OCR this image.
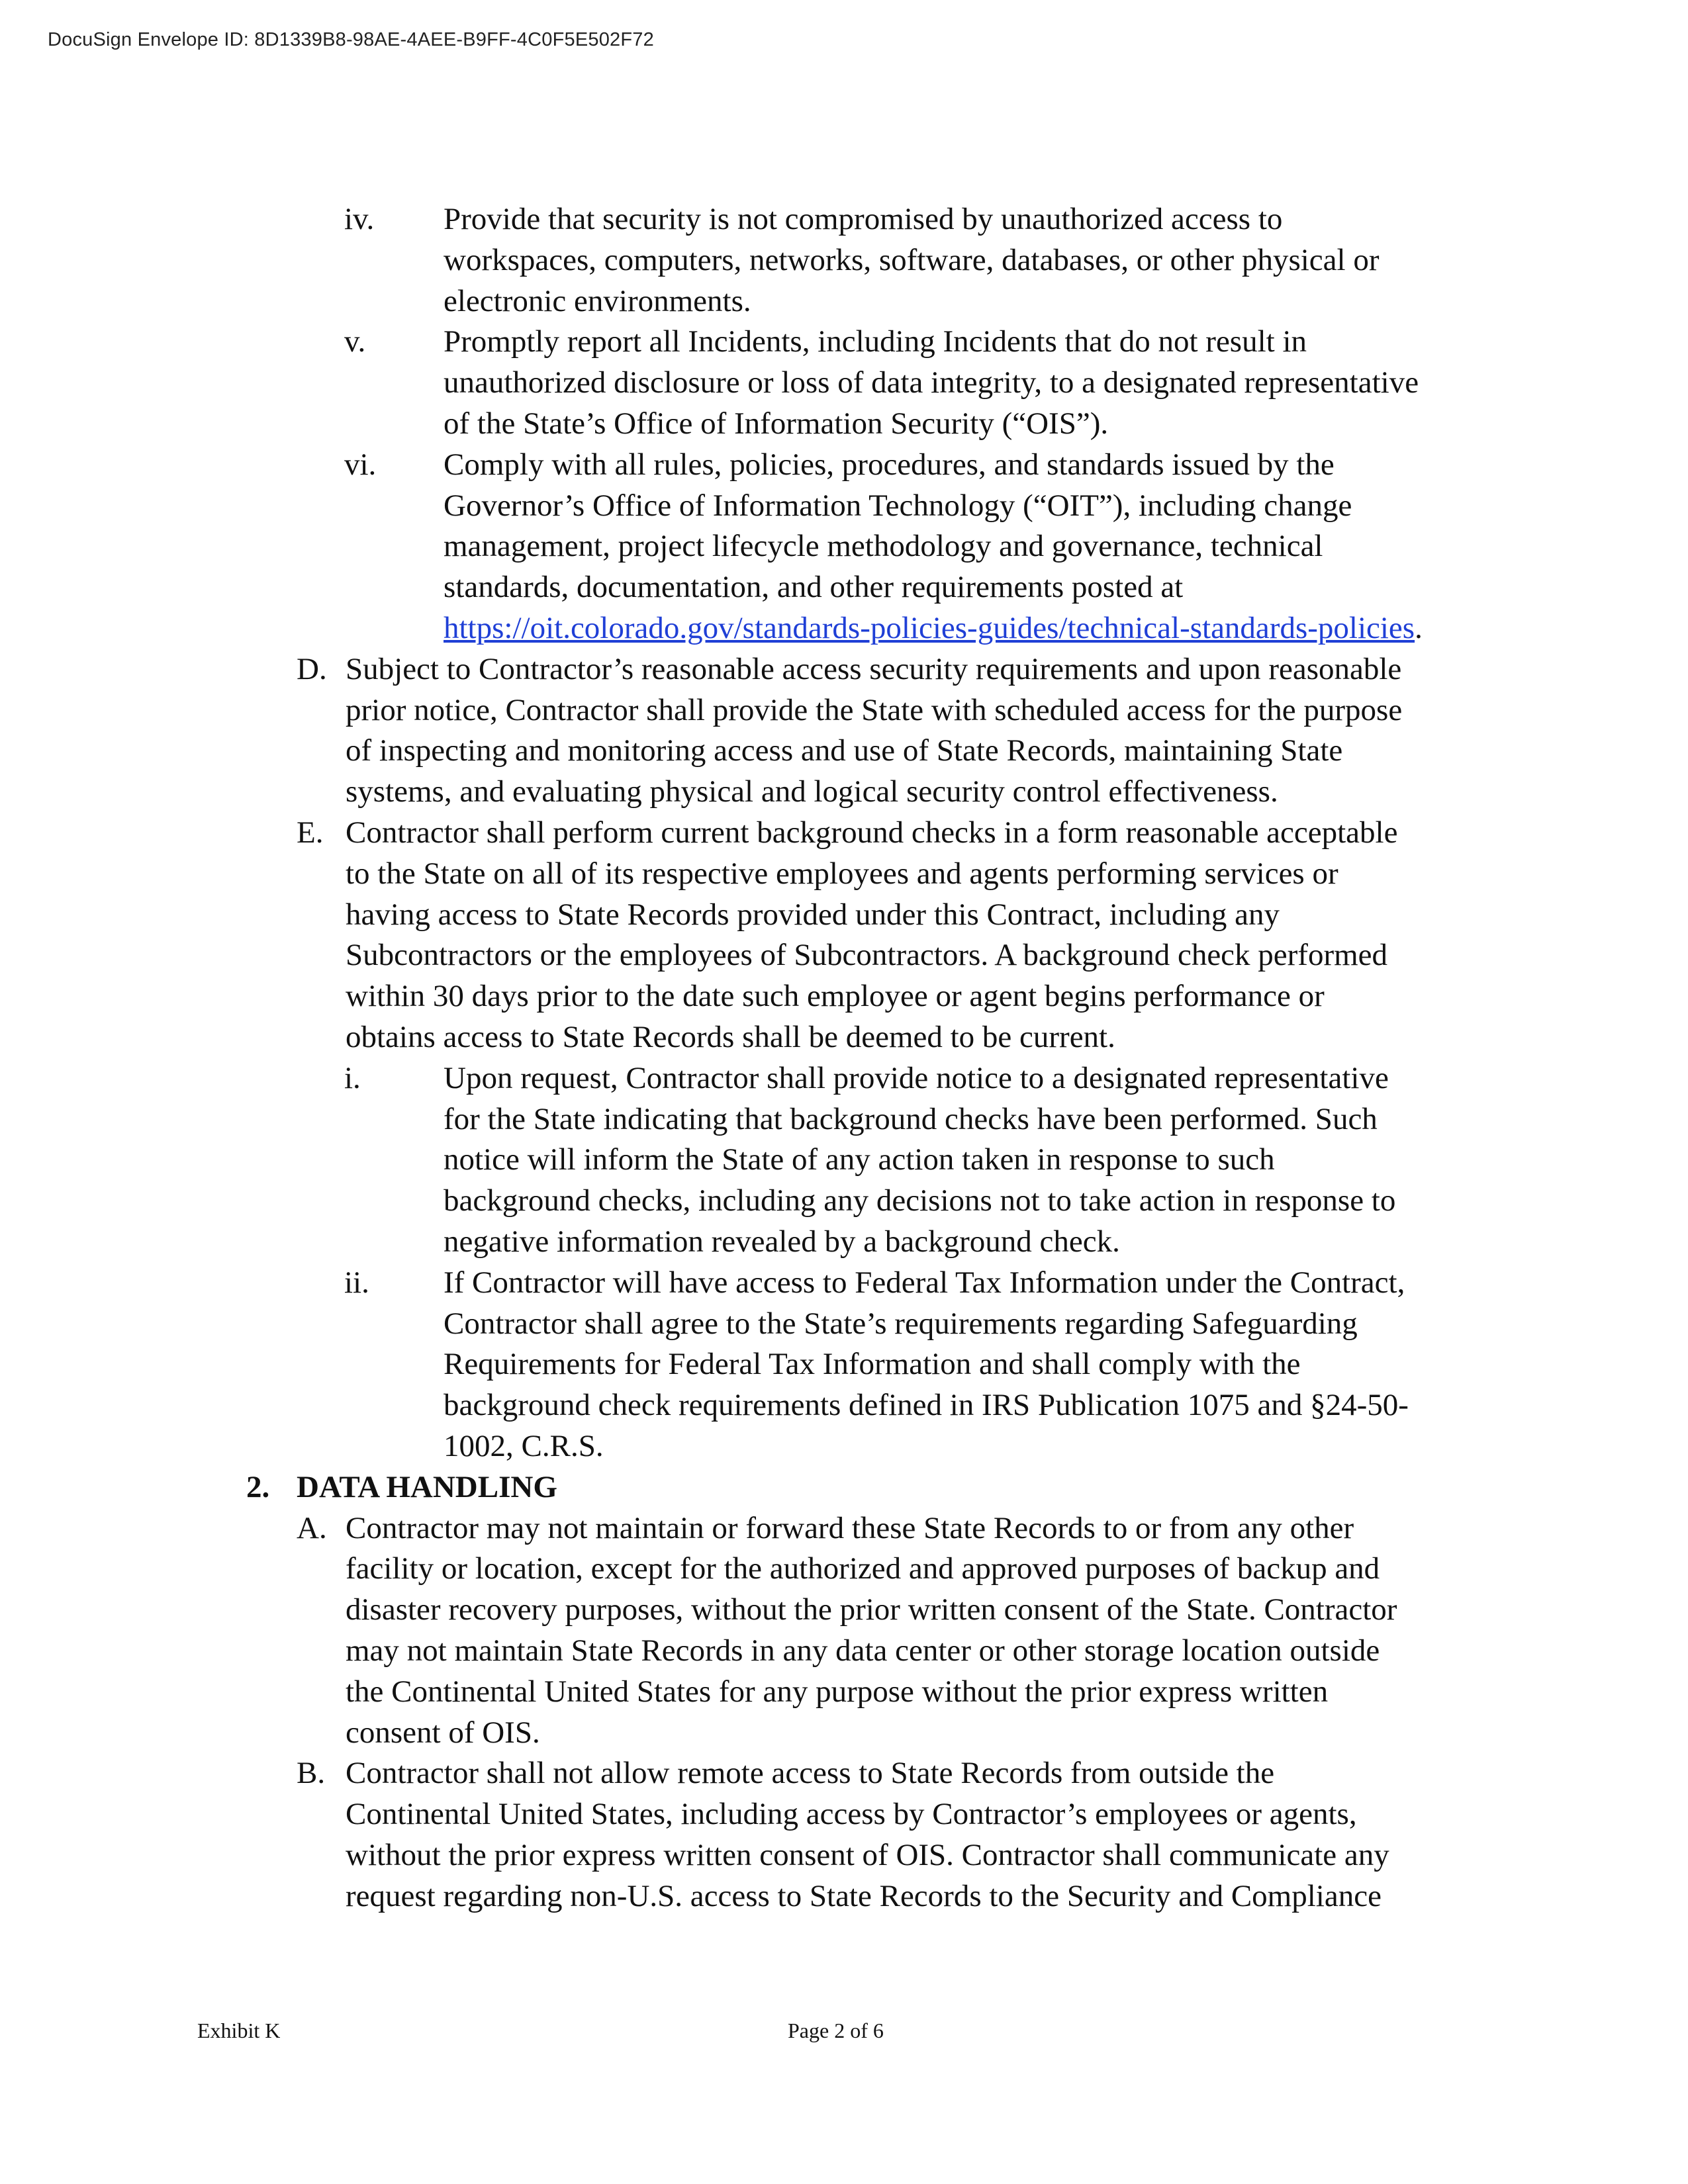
DocuSign Envelope ID: 8D1339B8-98AE-4AEE-B9FF-4C0F5E502F72
iv. Provide that security is not compromised by unauthorized access to
workspaces, computers, networks, software, databases, or other physical or
electronic environments.
v.	Promptly report all Incidents, including Incidents that do not result in
unauthorized disclosure or loss of data integrity, to a designated representative
of the State’s Office of Information Security (“OIS”).
vi. Comply with all rules, policies, procedures, and standards issued by the
Governor’s Office of Information Technology (“OIT”), including change
management, project lifecycle methodology and governance, technical
standards, documentation, and other requirements posted at
https://oit.colorado.gov/standards-policies-guides/technical-standards-policies.
D. Subject to Contractor’s reasonable access security requirements and upon reasonable
prior notice, Contractor shall provide the State with scheduled access for the purpose
of inspecting and monitoring access and use of State Records, maintaining State
systems, and evaluating physical and logical security control effectiveness.
E. Contractor shall perform current background checks in a form reasonable acceptable
to the State on all of its respective employees and agents performing services or
having access to State Records provided under this Contract, including any
Subcontractors or the employees of Subcontractors. A background check performed
within 30 days prior to the date such employee or agent begins performance or
obtains access to State Records shall be deemed to be current.
i.	Upon request, Contractor shall provide notice to a designated representative
for the State indicating that background checks have been performed. Such
notice will inform the State of any action taken in response to such
background checks, including any decisions not to take action in response to
negative information revealed by a background check.
ii. If Contractor will have access to Federal Tax Information under the Contract,
Contractor shall agree to the State’s requirements regarding Safeguarding
Requirements for Federal Tax Information and shall comply with the
background check requirements defined in IRS Publication 1075 and §24-50-
1002, C.R.S.
2. DATA HANDLING
A. Contractor may not maintain or forward these State Records to or from any other
facility or location, except for the authorized and approved purposes of backup and
disaster recovery purposes, without the prior written consent of the State. Contractor
may not maintain State Records in any data center or other storage location outside
the Continental United States for any purpose without the prior express written
consent of OIS.
B. Contractor shall not allow remote access to State Records from outside the
Continental United States, including access by Contractor’s employees or agents,
without the prior express written consent of OIS. Contractor shall communicate any
request regarding non-U.S. access to State Records to the Security and Compliance
Exhibit K	Page 2 of 6
